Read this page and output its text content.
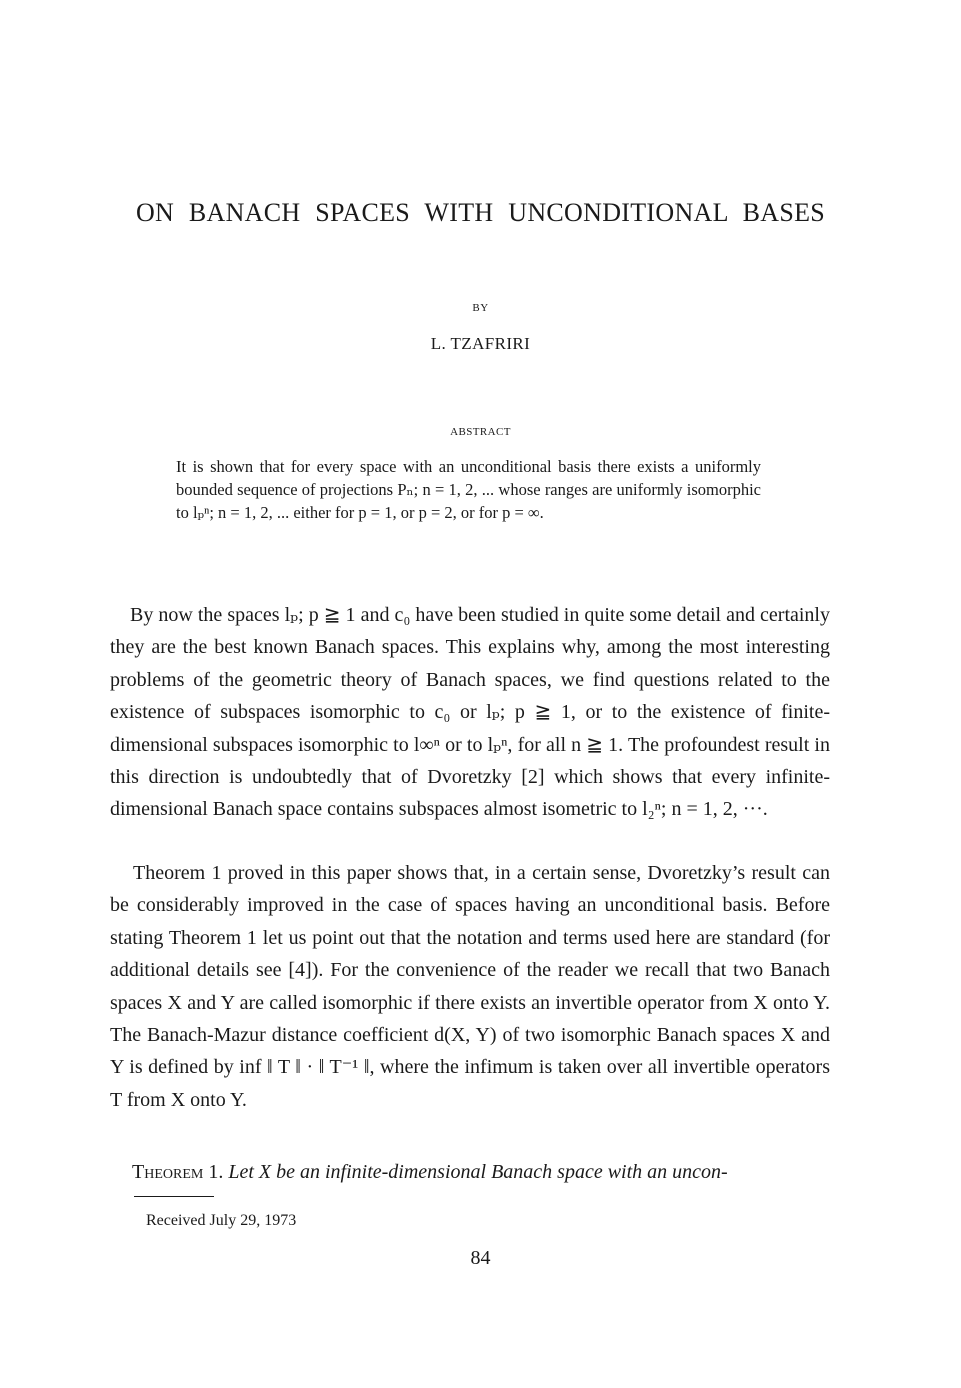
ON BANACH SPACES WITH UNCONDITIONAL BASES
BY
L. TZAFRIRI
ABSTRACT

It is shown that for every space with an unconditional basis there exists a uniformly bounded sequence of projections Pₙ; n = 1, 2, ... whose ranges are uniformly isomorphic to lₚⁿ; n = 1, 2, ... either for p = 1, or p = 2, or for p = ∞.

By now the spaces lₚ; p ≧ 1 and c₀ have been studied in quite some detail and certainly they are the best known Banach spaces. This explains why, among the most interesting problems of the geometric theory of Banach spaces, we find questions related to the existence of subspaces isomorphic to c₀ or lₚ; p ≧ 1, or to the existence of finite-dimensional subspaces isomorphic to l∞ⁿ or to lₚⁿ, for all n ≧ 1. The profoundest result in this direction is undoubtedly that of Dvoretzky [2] which shows that every infinite-dimensional Banach space contains subspaces almost isometric to l₂ⁿ; n = 1, 2, ···.

Theorem 1 proved in this paper shows that, in a certain sense, Dvoretzky’s result can be considerably improved in the case of spaces having an unconditional basis. Before stating Theorem 1 let us point out that the notation and terms used here are standard (for additional details see [4]). For the convenience of the reader we recall that two Banach spaces X and Y are called isomorphic if there exists an invertible operator from X onto Y. The Banach-Mazur distance coefficient d(X, Y) of two isomorphic Banach spaces X and Y is defined by inf ‖ T ‖ · ‖ T⁻¹ ‖, where the infimum is taken over all invertible operators T from X onto Y.

Theorem 1. Let X be an infinite-dimensional Banach space with an uncon-

Received July 29, 1973
84
